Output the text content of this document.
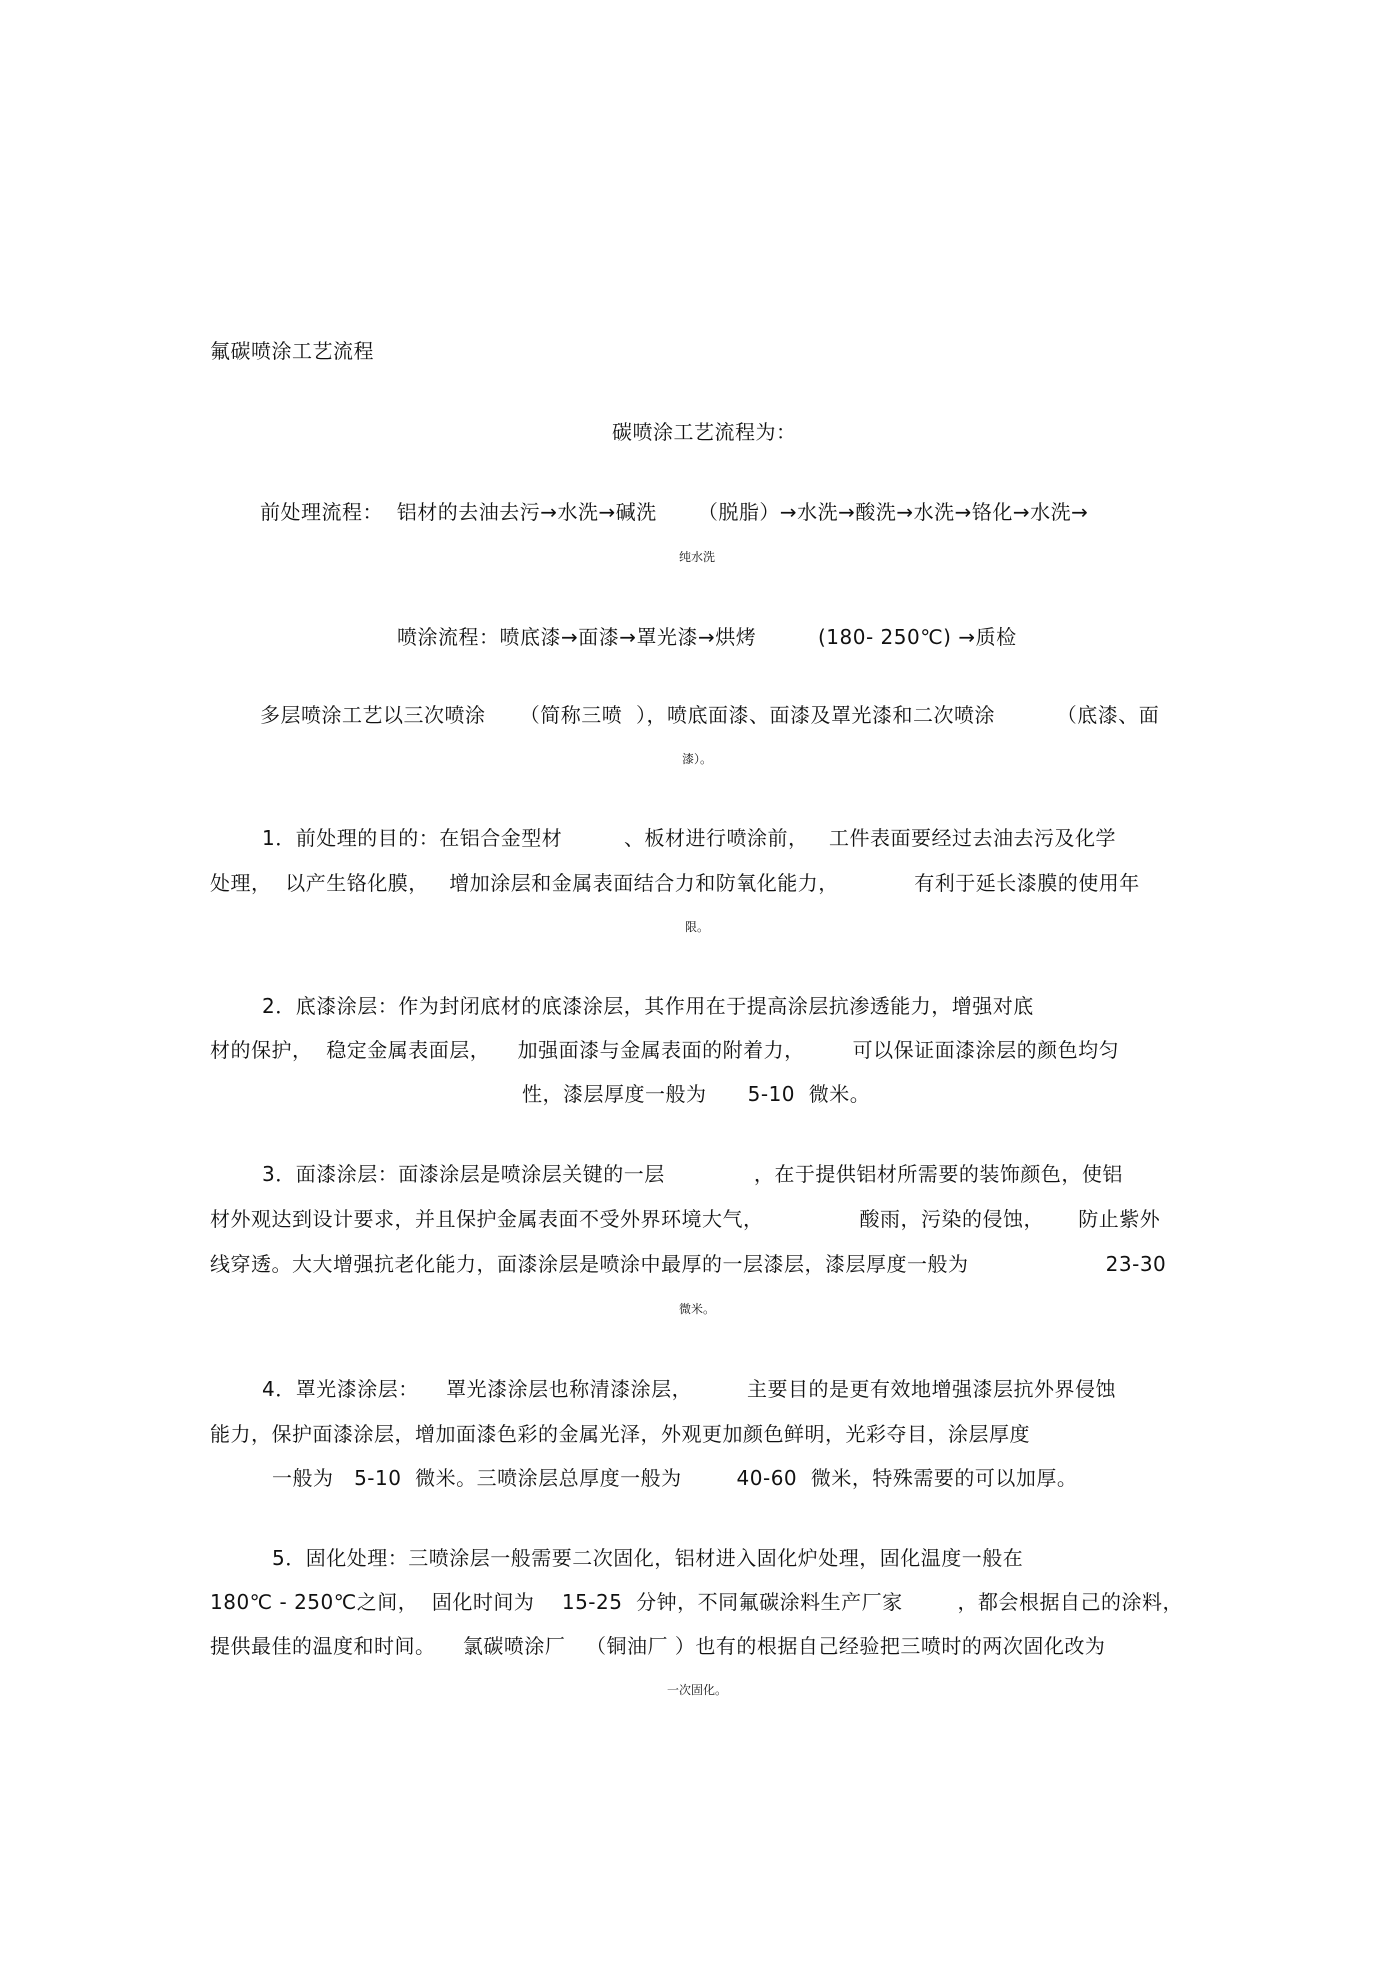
氟碳喷涂工艺流程
碳喷涂工艺流程为：
前处理流程：  铝材的去油去污→水洗→碱洗      （脱脂）→水洗→酸洗→水洗→铬化→水洗→
纯水洗
喷涂流程：喷底漆→面漆→罩光漆→烘烤         (180- 250℃) →质检
多层喷涂工艺以三次喷涂     （简称三喷  ），喷底面漆、面漆及罩光漆和二次喷涂         （底漆、面
漆）。
1．前处理的目的：在铝合金型材         、板材进行喷涂前，   工件表面要经过去油去污及化学
处理，  以产生铬化膜，   增加涂层和金属表面结合力和防氧化能力，           有利于延长漆膜的使用年
限。
2．底漆涂层：作为封闭底材的底漆涂层，其作用在于提高涂层抗渗透能力，增强对底
材的保护，  稳定金属表面层，    加强面漆与金属表面的附着力，       可以保证面漆涂层的颜色均匀
性，漆层厚度一般为      5-10  微米。
3．面漆涂层：面漆涂层是喷涂层关键的一层             ，在于提供铝材所需要的装饰颜色，使铝
材外观达到设计要求，并且保护金属表面不受外界环境大气，              酸雨，污染的侵蚀，     防止紫外
线穿透。大大增强抗老化能力，面漆涂层是喷涂中最厚的一层漆层，漆层厚度一般为                    23-30
微米。
4．罩光漆涂层：    罩光漆涂层也称清漆涂层，        主要目的是更有效地增强漆层抗外界侵蚀
能力，保护面漆涂层，增加面漆色彩的金属光泽，外观更加颜色鲜明，光彩夺目，涂层厚度
一般为   5-10  微米。三喷涂层总厚度一般为        40-60  微米，特殊需要的可以加厚。
5．固化处理：三喷涂层一般需要二次固化，铝材进入固化炉处理，固化温度一般在
180℃ - 250℃之间，  固化时间为    15-25  分钟，不同氟碳涂料生产厂家        ，都会根据自己的涂料，
提供最佳的温度和时间。    氯碳喷涂厂   （铜油厂 ）也有的根据自己经验把三喷时的两次固化改为
一次固化。
